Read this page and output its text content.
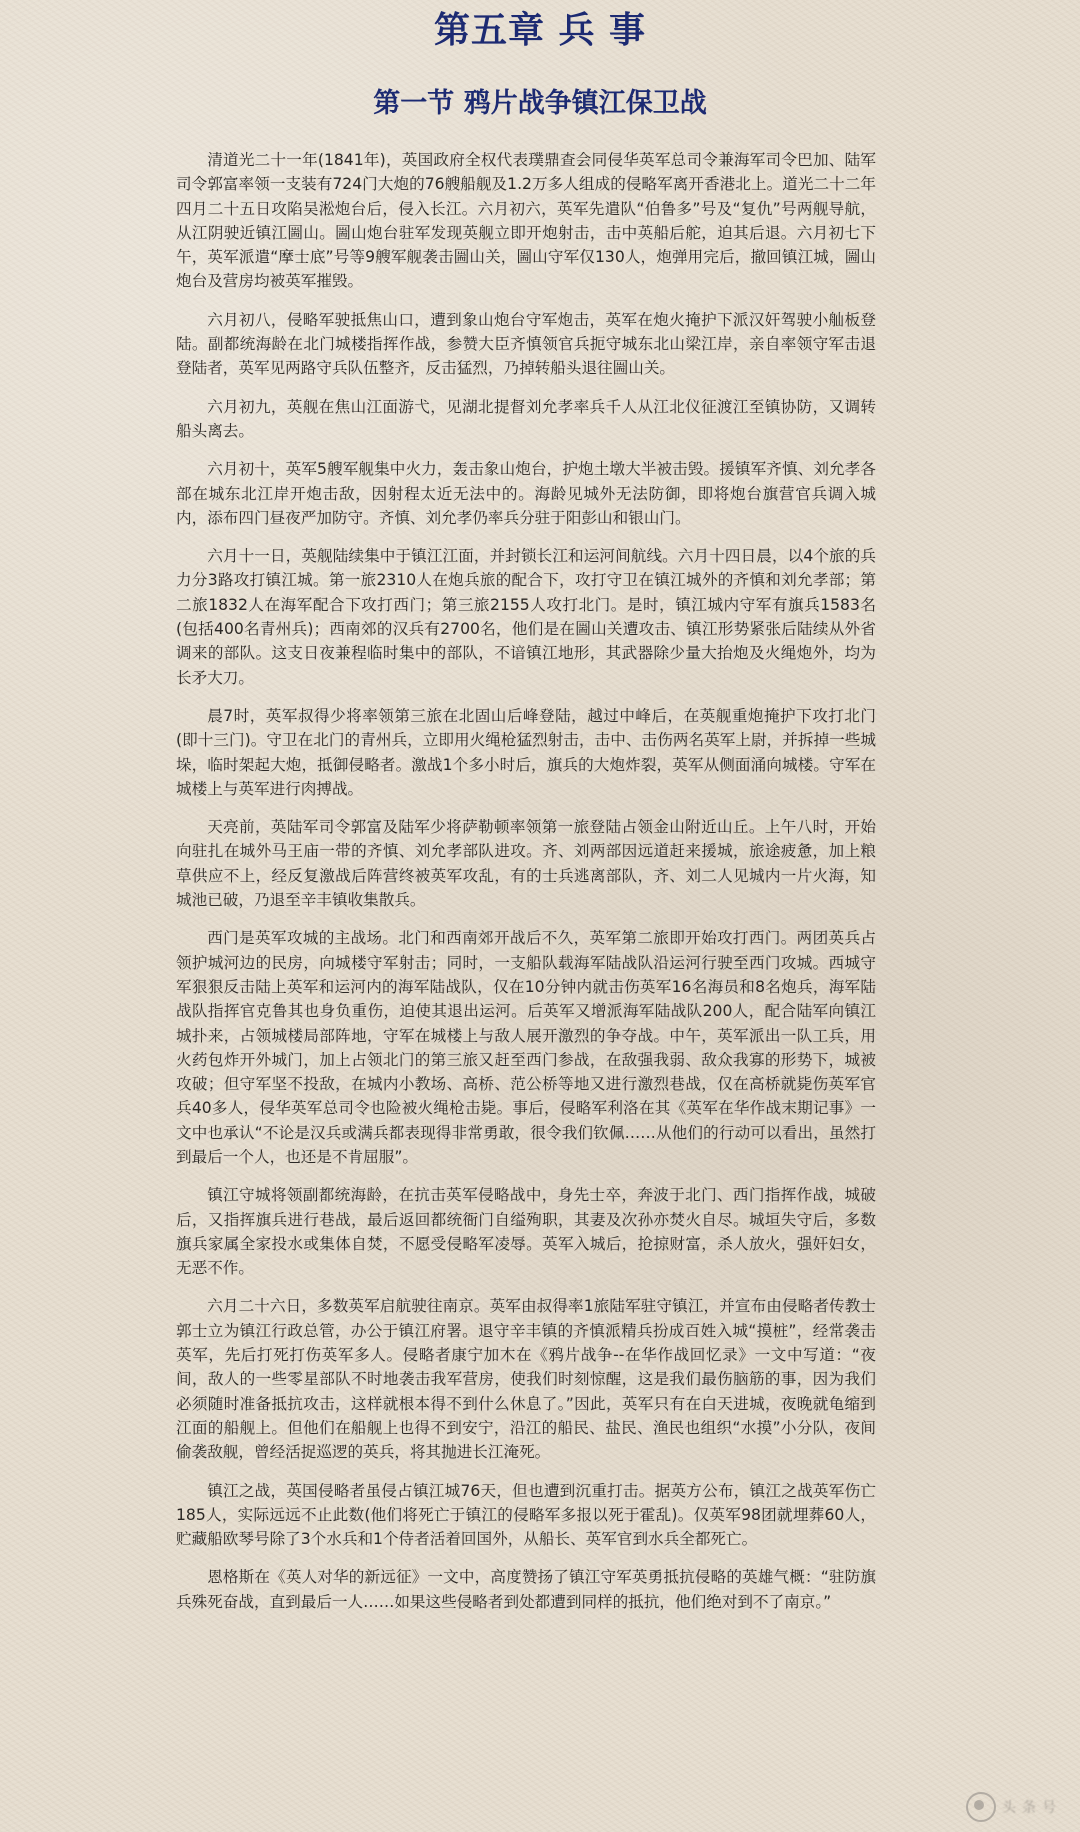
第五章 兵 事
第一节 鸦片战争镇江保卫战

清道光二十一年(1841年)，英国政府全权代表璞鼎查会同侵华英军总司令兼海军司令巴加、陆军司令郭富率领一支装有724门大炮的76艘船舰及1.2万多人组成的侵略军离开香港北上。道光二十二年四月二十五日攻陷吴淞炮台后，侵入长江。六月初六，英军先遣队“伯鲁多”号及“复仇”号两舰导航，从江阴驶近镇江圌山。圌山炮台驻军发现英舰立即开炮射击，击中英船后舵，迫其后退。六月初七下午，英军派遣“摩士底”号等9艘军舰袭击圌山关，圌山守军仅130人，炮弹用完后，撤回镇江城，圌山炮台及营房均被英军摧毁。

六月初八，侵略军驶抵焦山口，遭到象山炮台守军炮击，英军在炮火掩护下派汉奸驾驶小舢板登陆。副都统海龄在北门城楼指挥作战，参赞大臣齐慎领官兵扼守城东北山梁江岸，亲自率领守军击退登陆者，英军见两路守兵队伍整齐，反击猛烈，乃掉转船头退往圌山关。

六月初九，英舰在焦山江面游弋，见湖北提督刘允孝率兵千人从江北仪征渡江至镇协防，又调转船头离去。

六月初十，英军5艘军舰集中火力，轰击象山炮台，护炮土墩大半被击毁。援镇军齐慎、刘允孝各部在城东北江岸开炮击敌，因射程太近无法中的。海龄见城外无法防御，即将炮台旗营官兵调入城内，添布四门昼夜严加防守。齐慎、刘允孝仍率兵分驻于阳彭山和银山门。

六月十一日，英舰陆续集中于镇江江面，并封锁长江和运河间航线。六月十四日晨，以4个旅的兵力分3路攻打镇江城。第一旅2310人在炮兵旅的配合下，攻打守卫在镇江城外的齐慎和刘允孝部；第二旅1832人在海军配合下攻打西门；第三旅2155人攻打北门。是时，镇江城内守军有旗兵1583名(包括400名青州兵)；西南郊的汉兵有2700名，他们是在圌山关遭攻击、镇江形势紧张后陆续从外省调来的部队。这支日夜兼程临时集中的部队，不谙镇江地形，其武器除少量大抬炮及火绳炮外，均为长矛大刀。

晨7时，英军叔得少将率领第三旅在北固山后峰登陆，越过中峰后，在英舰重炮掩护下攻打北门(即十三门)。守卫在北门的青州兵，立即用火绳枪猛烈射击，击中、击伤两名英军上尉，并拆掉一些城垛，临时架起大炮，抵御侵略者。激战1个多小时后，旗兵的大炮炸裂，英军从侧面涌向城楼。守军在城楼上与英军进行肉搏战。

天亮前，英陆军司令郭富及陆军少将萨勒顿率领第一旅登陆占领金山附近山丘。上午八时，开始向驻扎在城外马王庙一带的齐慎、刘允孝部队进攻。齐、刘两部因远道赶来援城，旅途疲惫，加上粮草供应不上，经反复激战后阵营终被英军攻乱，有的士兵逃离部队，齐、刘二人见城内一片火海，知城池已破，乃退至辛丰镇收集散兵。

西门是英军攻城的主战场。北门和西南郊开战后不久，英军第二旅即开始攻打西门。两团英兵占领护城河边的民房，向城楼守军射击；同时，一支船队载海军陆战队沿运河行驶至西门攻城。西城守军狠狠反击陆上英军和运河内的海军陆战队，仅在10分钟内就击伤英军16名海员和8名炮兵，海军陆战队指挥官克鲁其也身负重伤，迫使其退出运河。后英军又增派海军陆战队200人，配合陆军向镇江城扑来，占领城楼局部阵地，守军在城楼上与敌人展开激烈的争夺战。中午，英军派出一队工兵，用火药包炸开外城门，加上占领北门的第三旅又赶至西门参战，在敌强我弱、敌众我寡的形势下，城被攻破；但守军坚不投敌，在城内小教场、高桥、范公桥等地又进行激烈巷战，仅在高桥就毙伤英军官兵40多人，侵华英军总司令也险被火绳枪击毙。事后，侵略军利洛在其《英军在华作战末期记事》一文中也承认“不论是汉兵或满兵都表现得非常勇敢，很令我们钦佩……从他们的行动可以看出，虽然打到最后一个人，也还是不肯屈服”。

镇江守城将领副都统海龄，在抗击英军侵略战中，身先士卒，奔波于北门、西门指挥作战，城破后，又指挥旗兵进行巷战，最后返回都统衙门自缢殉职，其妻及次孙亦焚火自尽。城垣失守后，多数旗兵家属全家投水或集体自焚，不愿受侵略军凌辱。英军入城后，抢掠财富，杀人放火，强奸妇女，无恶不作。

六月二十六日，多数英军启航驶往南京。英军由叔得率1旅陆军驻守镇江，并宣布由侵略者传教士郭士立为镇江行政总管，办公于镇江府署。退守辛丰镇的齐慎派精兵扮成百姓入城“摸桩”，经常袭击英军，先后打死打伤英军多人。侵略者康宁加木在《鸦片战争--在华作战回忆录》一文中写道：“夜间，敌人的一些零星部队不时地袭击我军营房，使我们时刻惊醒，这是我们最伤脑筋的事，因为我们必须随时准备抵抗攻击，这样就根本得不到什么休息了。”因此，英军只有在白天进城，夜晚就龟缩到江面的船舰上。但他们在船舰上也得不到安宁，沿江的船民、盐民、渔民也组织“水摸”小分队，夜间偷袭敌舰，曾经活捉巡逻的英兵，将其抛进长江淹死。

镇江之战，英国侵略者虽侵占镇江城76天，但也遭到沉重打击。据英方公布，镇江之战英军伤亡185人，实际远远不止此数(他们将死亡于镇江的侵略军多报以死于霍乱)。仅英军98团就埋葬60人，贮藏船欧琴号除了3个水兵和1个侍者活着回国外，从船长、英军官到水兵全都死亡。

恩格斯在《英人对华的新远征》一文中，高度赞扬了镇江守军英勇抵抗侵略的英雄气概：“驻防旗兵殊死奋战，直到最后一人……如果这些侵略者到处都遭到同样的抵抗，他们绝对到不了南京。”

头条号
